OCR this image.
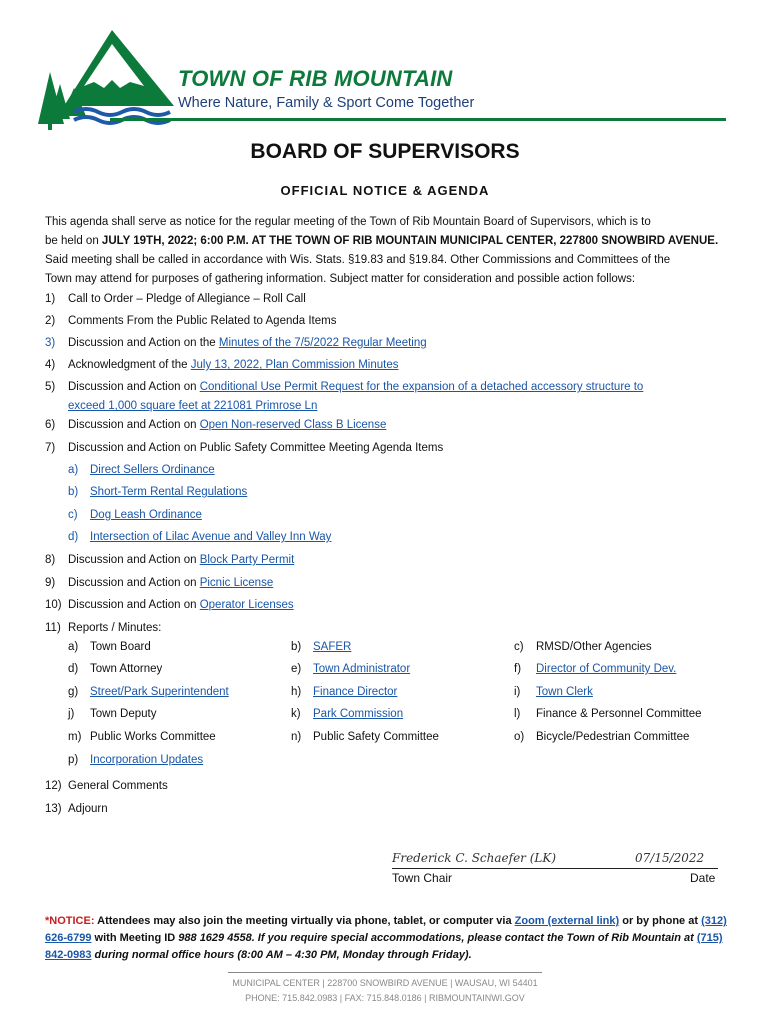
TOWN OF RIB MOUNTAIN
Where Nature, Family & Sport Come Together
BOARD OF SUPERVISORS
OFFICIAL NOTICE & AGENDA
This agenda shall serve as notice for the regular meeting of the Town of Rib Mountain Board of Supervisors, which is to
be held on JULY 19TH, 2022; 6:00 P.M. AT THE TOWN OF RIB MOUNTAIN MUNICIPAL CENTER, 227800 SNOWBIRD AVENUE.
Said meeting shall be called in accordance with Wis. Stats. §19.83 and §19.84. Other Commissions and Committees of the
Town may attend for purposes of gathering information. Subject matter for consideration and possible action follows:
1) Call to Order – Pledge of Allegiance – Roll Call
2) Comments From the Public Related to Agenda Items
3) Discussion and Action on the Minutes of the 7/5/2022 Regular Meeting
4) Acknowledgment of the July 13, 2022, Plan Commission Minutes
5) Discussion and Action on Conditional Use Permit Request for the expansion of a detached accessory structure to
exceed 1,000 square feet at 221081 Primrose Ln
6) Discussion and Action on Open Non-reserved Class B License
7) Discussion and Action on Public Safety Committee Meeting Agenda Items
a) Direct Sellers Ordinance
b) Short-Term Rental Regulations
c) Dog Leash Ordinance
d) Intersection of Lilac Avenue and Valley Inn Way
8) Discussion and Action on Block Party Permit
9) Discussion and Action on Picnic License
10) Discussion and Action on Operator Licenses
11) Reports / Minutes:
a) Town Board	b) SAFER	c) RMSD/Other Agencies
d) Town Attorney	e) Town Administrator	f) Director of Community Dev.
g) Street/Park Superintendent	h) Finance Director	i) Town Clerk
j) Town Deputy	k) Park Commission	l) Finance & Personnel Committee
m) Public Works Committee	n) Public Safety Committee	o) Bicycle/Pedestrian Committee
p) Incorporation Updates
12) General Comments
13) Adjourn
Frederick C. Schaefer (LK)	07/15/2022
Town Chair	Date
*NOTICE: Attendees may also join the meeting virtually via phone, tablet, or computer via Zoom (external link) or by phone at (312) 626-6799 with Meeting ID 988 1629 4558. If you require special accommodations, please contact the Town of Rib Mountain at (715) 842-0983 during normal office hours (8:00 AM – 4:30 PM, Monday through Friday).
MUNICIPAL CENTER | 228700 SNOWBIRD AVENUE | WAUSAU, WI 54401
PHONE: 715.842.0983 | FAX: 715.848.0186 | RIBMOUNTAINWI.GOV
